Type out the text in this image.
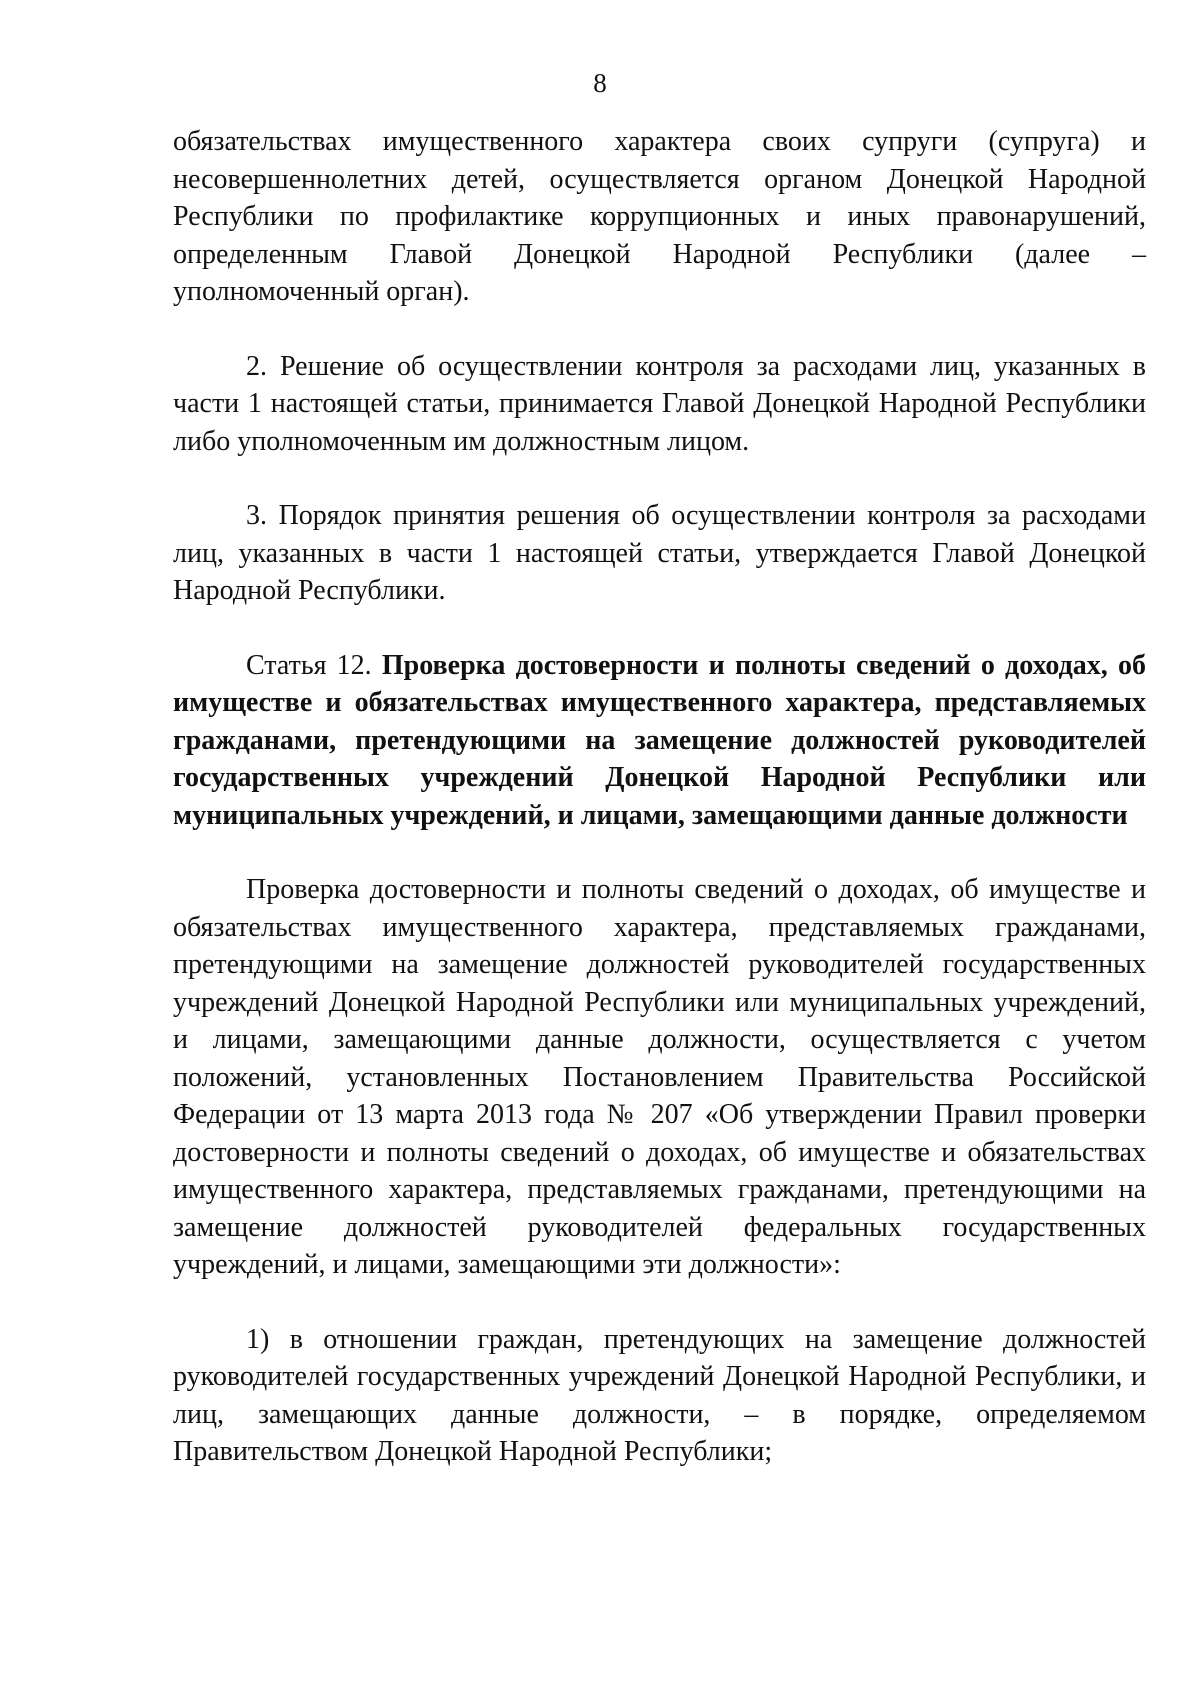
8

обязательствах имущественного характера своих супруги (супруга) и несовершеннолетних детей, осуществляется органом Донецкой Народной Республики по профилактике коррупционных и иных правонарушений, определенным Главой Донецкой Народной Республики (далее – уполномоченный орган).

2. Решение об осуществлении контроля за расходами лиц, указанных в части 1 настоящей статьи, принимается Главой Донецкой Народной Республики либо уполномоченным им должностным лицом.

3. Порядок принятия решения об осуществлении контроля за расходами лиц, указанных в части 1 настоящей статьи, утверждается Главой Донецкой Народной Республики.

Статья 12. Проверка достоверности и полноты сведений о доходах, об имуществе и обязательствах имущественного характера, представляемых гражданами, претендующими на замещение должностей руководителей государственных учреждений Донецкой Народной Республики или муниципальных учреждений, и лицами, замещающими данные должности

Проверка достоверности и полноты сведений о доходах, об имуществе и обязательствах имущественного характера, представляемых гражданами, претендующими на замещение должностей руководителей государственных учреждений Донецкой Народной Республики или муниципальных учреждений, и лицами, замещающими данные должности, осуществляется с учетом положений, установленных Постановлением Правительства Российской Федерации от 13 марта 2013 года № 207 «Об утверждении Правил проверки достоверности и полноты сведений о доходах, об имуществе и обязательствах имущественного характера, представляемых гражданами, претендующими на замещение должностей руководителей федеральных государственных учреждений, и лицами, замещающими эти должности»:

1) в отношении граждан, претендующих на замещение должностей руководителей государственных учреждений Донецкой Народной Республики, и лиц, замещающих данные должности, – в порядке, определяемом Правительством Донецкой Народной Республики;
